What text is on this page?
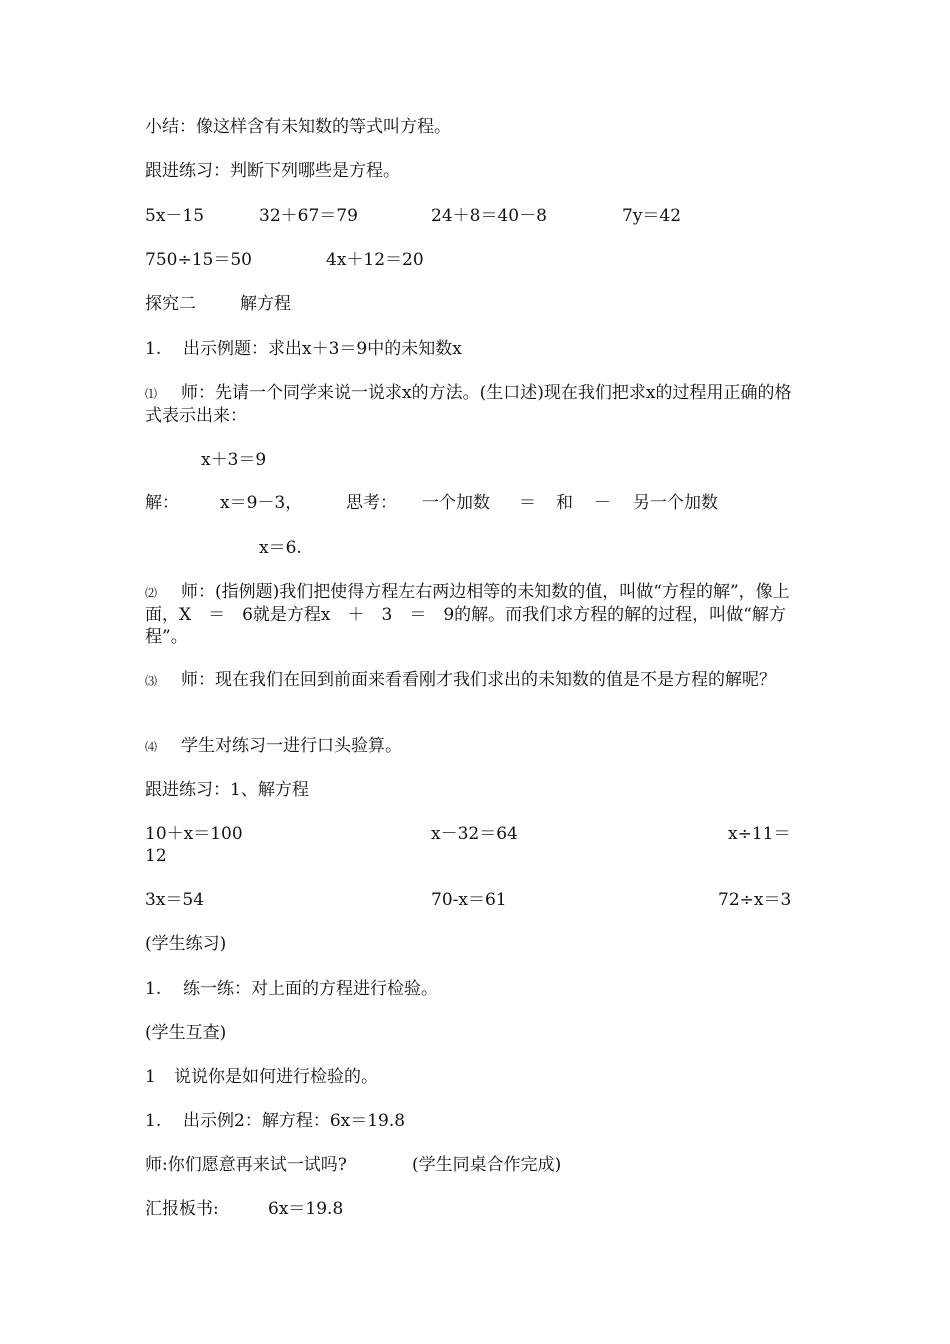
小结：像这样含有未知数的等式叫方程。
跟进练习：判断下列哪些是方程。
5x－15	32＋67＝79	24＋8＝40－8	7y＝42
750÷15＝50	4x＋12＝20
探究二	解方程
1. 出示例题：求出x＋3＝9中的未知数x
⑴ 师：先请一个同学来说一说求x的方法。(生口述)现在我们把求x的过程用正确的格式表示出来：
x＋3＝9
解： x＝9－3，	思考： 一个加数 ＝ 和 － 另一个加数
x＝6.
⑵ 师：(指例题)我们把使得方程左右两边相等的未知数的值，叫做“方程的解”，像上面，X　＝　6就是方程x　＋　3　＝　9的解。而我们求方程的解的过程，叫做“解方程”。
⑶ 师：现在我们在回到前面来看看刚才我们求出的未知数的值是不是方程的解呢？
⑷ 学生对练习一进行口头验算。
跟进练习：1、解方程
10＋x＝100	x－32＝64	x÷11＝
12
3x＝54	70-x＝61	72÷x＝3
(学生练习)
1. 练一练：对上面的方程进行检验。
(学生互查)
1 说说你是如何进行检验的。
1. 出示例2：解方程：6x＝19.8
师:你们愿意再来试一试吗?	(学生同桌合作完成)
汇报板书:	6x＝19.8
